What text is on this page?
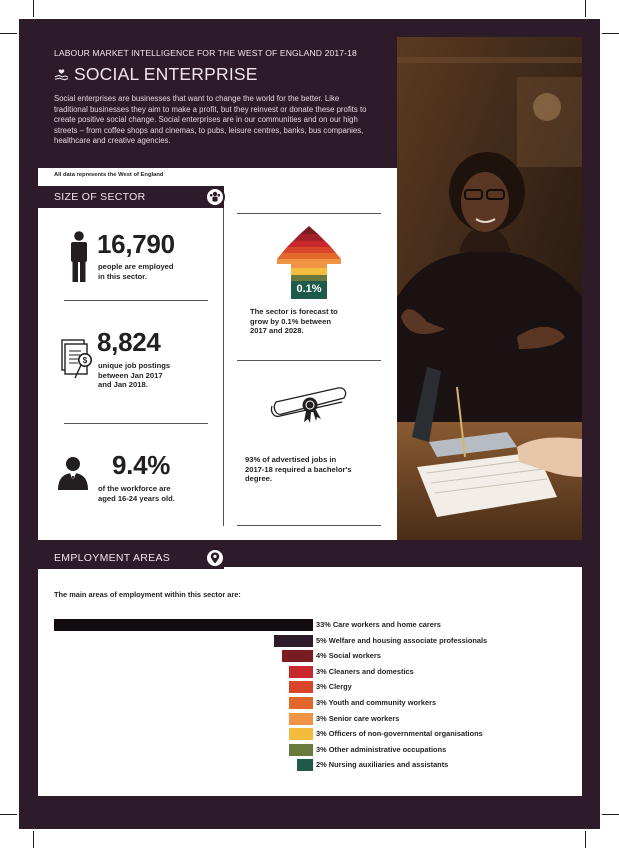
LABOUR MARKET INTELLIGENCE FOR THE WEST OF ENGLAND 2017-18
SOCIAL ENTERPRISE
Social enterprises are businesses that want to change the world for the better. Like traditional businesses they aim to make a profit, but they reinvest or donate these profits to create positive social change. Social enterprises are in our communities and on our high streets – from coffee shops and cinemas, to pubs, leisure centres, banks, bus companies, healthcare and creative agencies.
All data represents the West of England
SIZE OF SECTOR
16,790
people are employed
in this sector.
$
8,824
unique job postings
between Jan 2017
and Jan 2018.
9.4%
of the workforce are
aged 16-24 years old.
0.1%
The sector is forecast to
grow by 0.1% between
2017 and 2028.
93% of advertised jobs in
2017-18 required a bachelor's
degree.
EMPLOYMENT AREAS
The main areas of employment within this sector are:
33% Care workers and home carers
5% Welfare and housing associate professionals
4% Social workers
3% Cleaners and domestics
3% Clergy
3% Youth and community workers
3% Senior care workers
3% Officers of non-governmental organisations
3% Other administrative occupations
2% Nursing auxiliaries and assistants
